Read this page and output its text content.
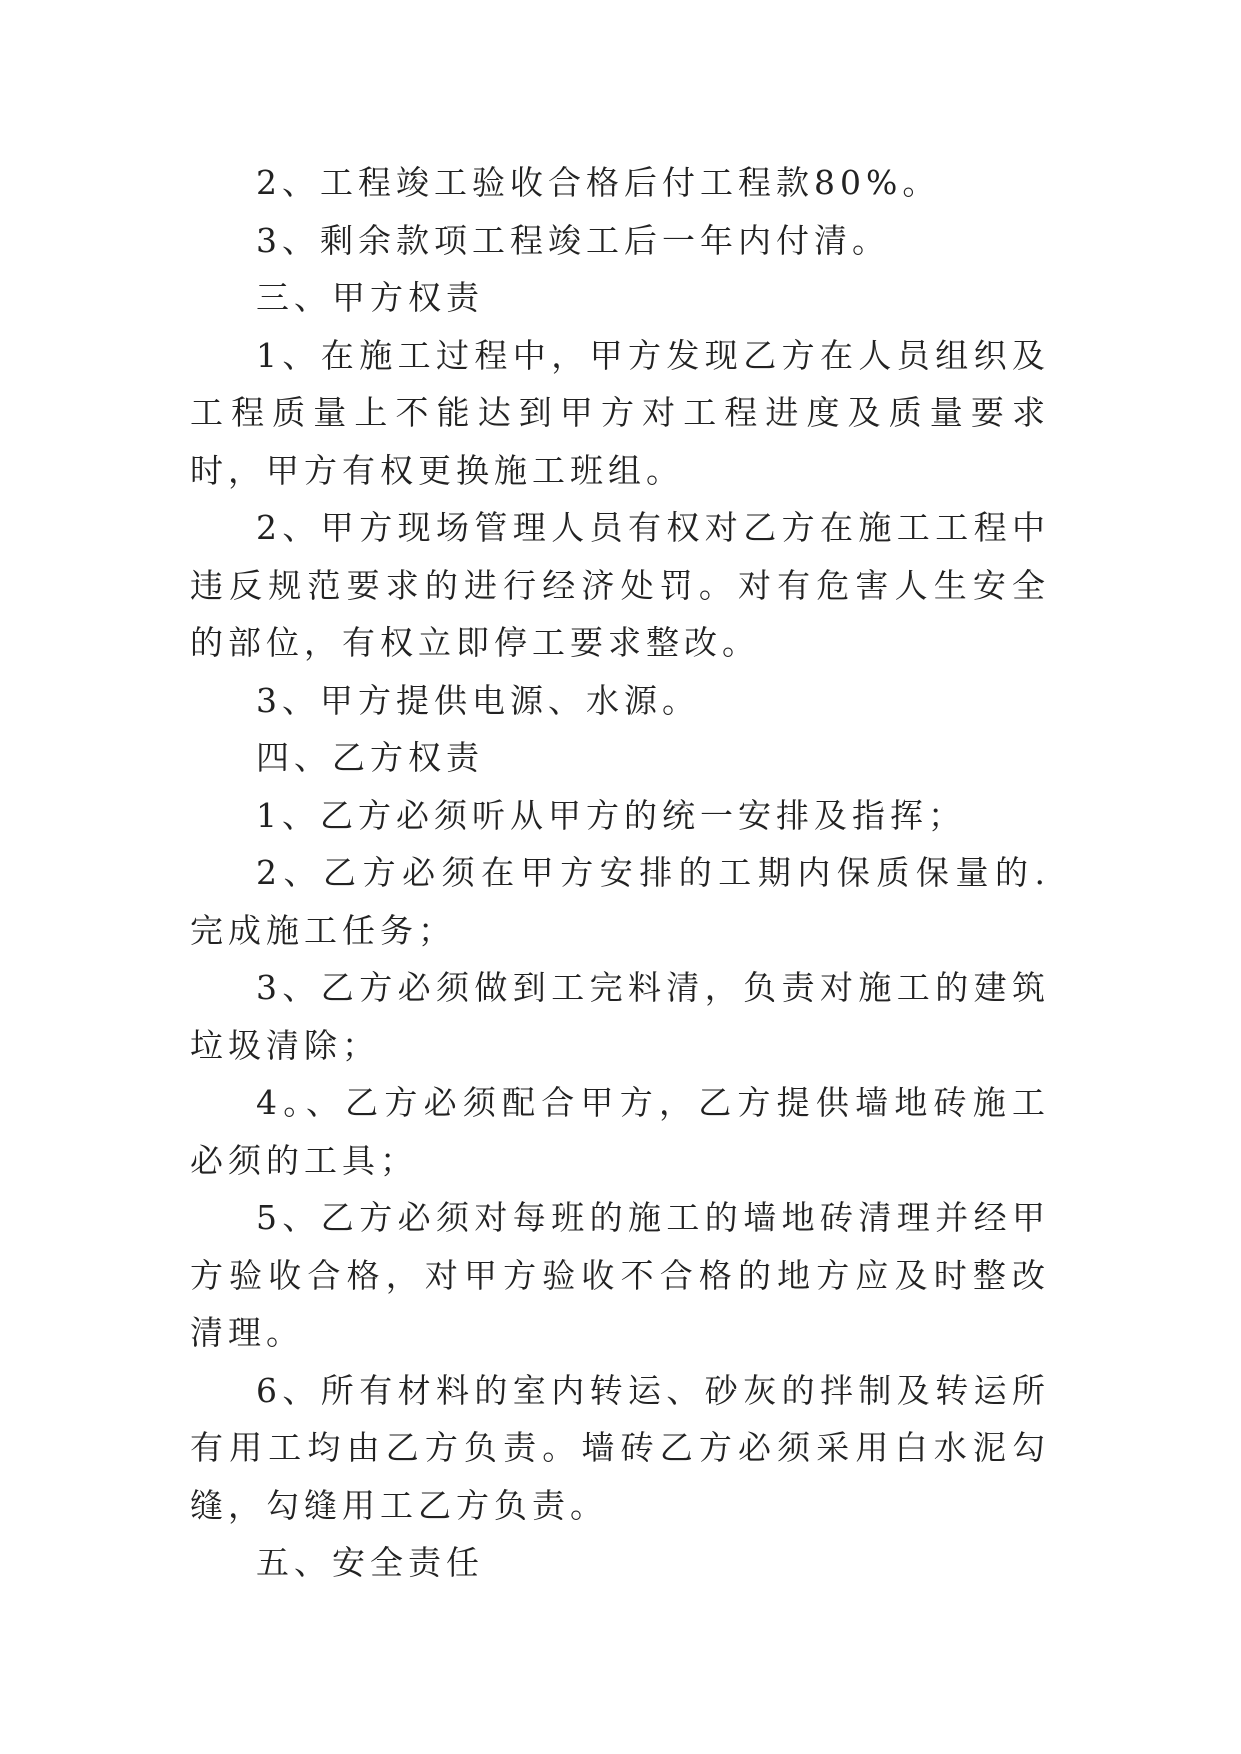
2、工程竣工验收合格后付工程款80%。

3、剩余款项工程竣工后一年内付清。

三、甲方权责

1、在施工过程中，甲方发现乙方在人员组织及工程质量上不能达到甲方对工程进度及质量要求时，甲方有权更换施工班组。

2、甲方现场管理人员有权对乙方在施工工程中违反规范要求的进行经济处罚。对有危害人生安全的部位，有权立即停工要求整改。

3、甲方提供电源、水源。

四、乙方权责

1、乙方必须听从甲方的统一安排及指挥；

2、乙方必须在甲方安排的工期内保质保量的.完成施工任务；

3、乙方必须做到工完料清，负责对施工的建筑垃圾清除；

4。、乙方必须配合甲方，乙方提供墙地砖施工必须的工具；

5、乙方必须对每班的施工的墙地砖清理并经甲方验收合格，对甲方验收不合格的地方应及时整改清理。

6、所有材料的室内转运、砂灰的拌制及转运所有用工均由乙方负责。墙砖乙方必须采用白水泥勾缝，勾缝用工乙方负责。

五、安全责任
